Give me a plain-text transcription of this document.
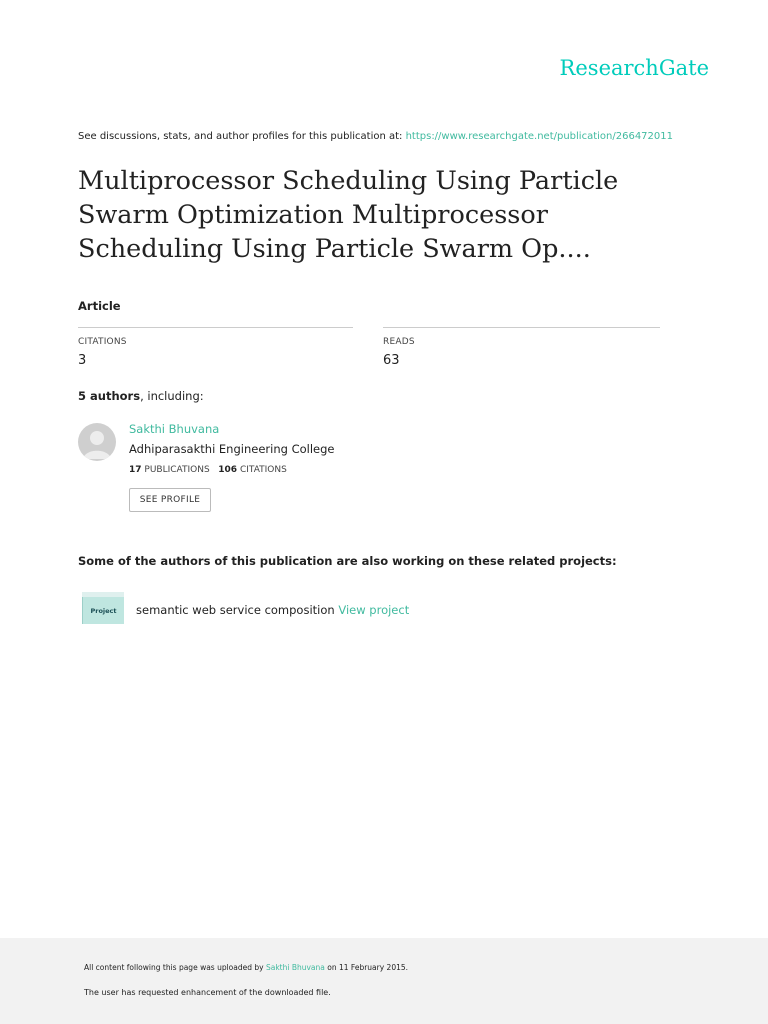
ResearchGate
See discussions, stats, and author profiles for this publication at: https://www.researchgate.net/publication/266472011
Multiprocessor Scheduling Using Particle Swarm Optimization Multiprocessor Scheduling Using Particle Swarm Op....
Article
CITATIONS
3
READS
63
5 authors, including:
Sakthi Bhuvana
Adhiparasakthi Engineering College
17 PUBLICATIONS 106 CITATIONS
SEE PROFILE
Some of the authors of this publication are also working on these related projects:
Project semantic web service composition View project
All content following this page was uploaded by Sakthi Bhuvana on 11 February 2015.
The user has requested enhancement of the downloaded file.
